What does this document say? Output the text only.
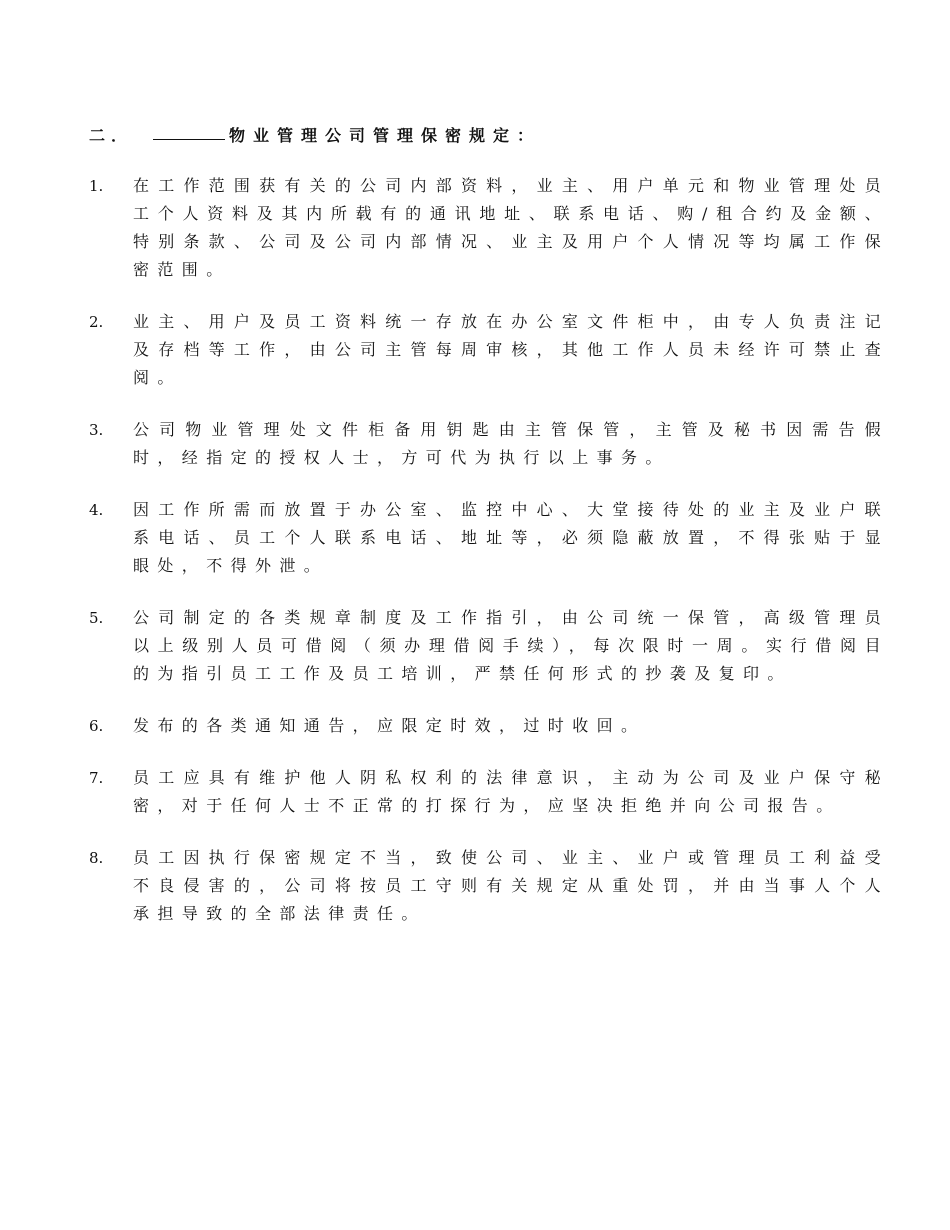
二．	物业管理公司管理保密规定：
1.	在工作范围获有关的公司内部资料，业主、用户单元和物业管理处员工个人资料及其内所载有的通讯地址、联系电话、购/租合约及金额、特别条款、公司及公司内部情况、业主及用户个人情况等均属工作保密范围。

2.	业主、用户及员工资料统一存放在办公室文件柜中，由专人负责注记及存档等工作，由公司主管每周审核，其他工作人员未经许可禁止查阅。

3.	公司物业管理处文件柜备用钥匙由主管保管，主管及秘书因需告假时，经指定的授权人士，方可代为执行以上事务。

4.	因工作所需而放置于办公室、监控中心、大堂接待处的业主及业户联系电话、员工个人联系电话、地址等，必须隐蔽放置，不得张贴于显眼处，不得外泄。

5.	公司制定的各类规章制度及工作指引，由公司统一保管，高级管理员以上级别人员可借阅（须办理借阅手续），每次限时一周。实行借阅目的为指引员工工作及员工培训，严禁任何形式的抄袭及复印。

6.	发布的各类通知通告，应限定时效，过时收回。

7.	员工应具有维护他人阴私权利的法律意识，主动为公司及业户保守秘密，对于任何人士不正常的打探行为，应坚决拒绝并向公司报告。

8.	员工因执行保密规定不当，致使公司、业主、业户或管理员工利益受不良侵害的，公司将按员工守则有关规定从重处罚，并由当事人个人承担导致的全部法律责任。
